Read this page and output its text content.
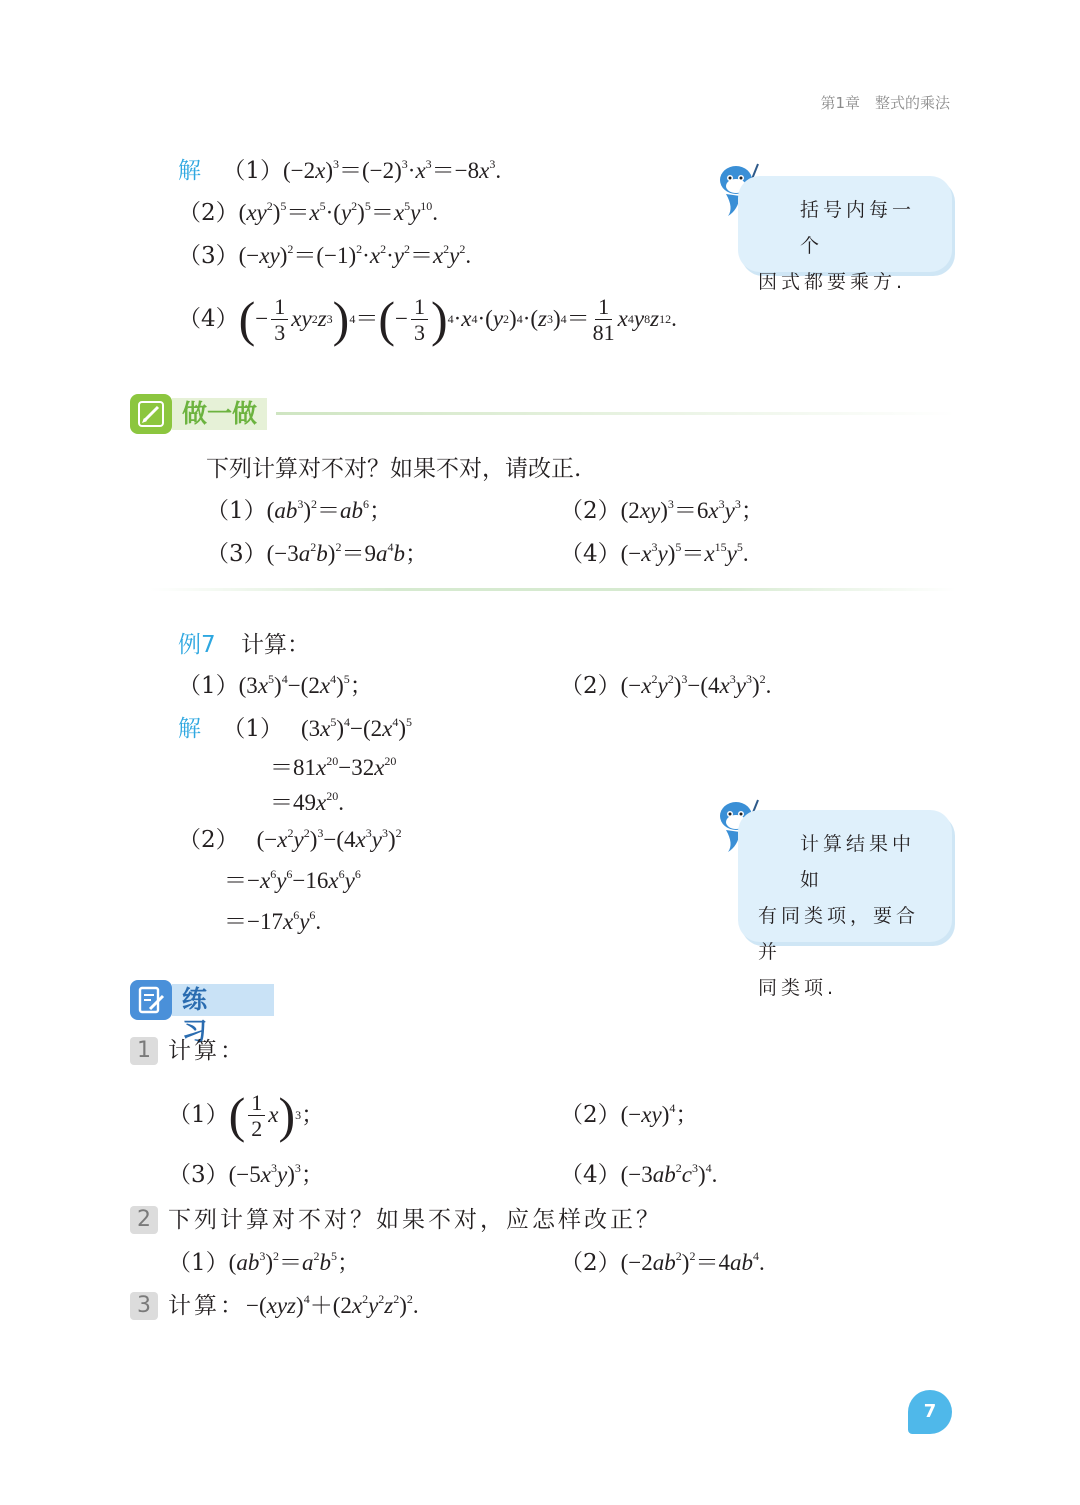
第1章　整式的乘法
解 $(1)(-2x)^3=(-2)^3\cdot x^3=-8x^3$.
$(2)(xy^2)^5=x^5\cdot(y^2)^5=x^5y^{10}$.
$(3)(-xy)^2=(-1)^2\cdot x^2\cdot y^2=x^2y^2$.
（4） ( − $\frac{1}{3}$ xy 2 z 3 ) 4 ＝ ( − $\frac{1}{3}$ ) 4 · x 4 ·( y 2 ) 4 ·( z 3 ) $4 = \frac{1}{81}$ x 4 y 8 z 12 .
括号内每一个
因式都要乘方.
做一做
下列计算对不对？如果不对，请改正.
$(1)(ab^3)^2=ab^6$；	$(2)(2xy)^3=6x^3y^3$；
$(3)(-3a^2b)^2=9a^4b$；	$(4)(-x^3y)^5=x^{15}y^5$.
例7 计算：
$(1)(3x^5)^4-(2x^4)^5$；	$(2)(-x^2y^2)^3-(4x^3y^3)^2$.
解 （1） $(3x^5)^4-(2x^4)^5$
$=81x^{20}-32x^{20}$
$=49x^{20}$.
（2） $(-x^2y^2)^3-(4x^3y^3)^2$
$=-x^6y^6-16x^6y^6$
$=-17x^6y^6$.
计算结果中如
有同类项，要合并
同类项.
练　习
1 计算：
（1） ( $\frac{1}{2}$ x ) 3 ；	$(2)(-xy)^4$；
$(3)(-5x^3y)^3$；	$(4)(-3ab^2c^3)^4$.
2 下列计算对不对？如果不对，应怎样改正？
$(1)(ab^3)^2=a^2b^5$；	$(2)(-2ab^2)^2=4ab^4$.
3 计算：$-(xyz)^4+(2x^2y^2z^2)^2$.
7
